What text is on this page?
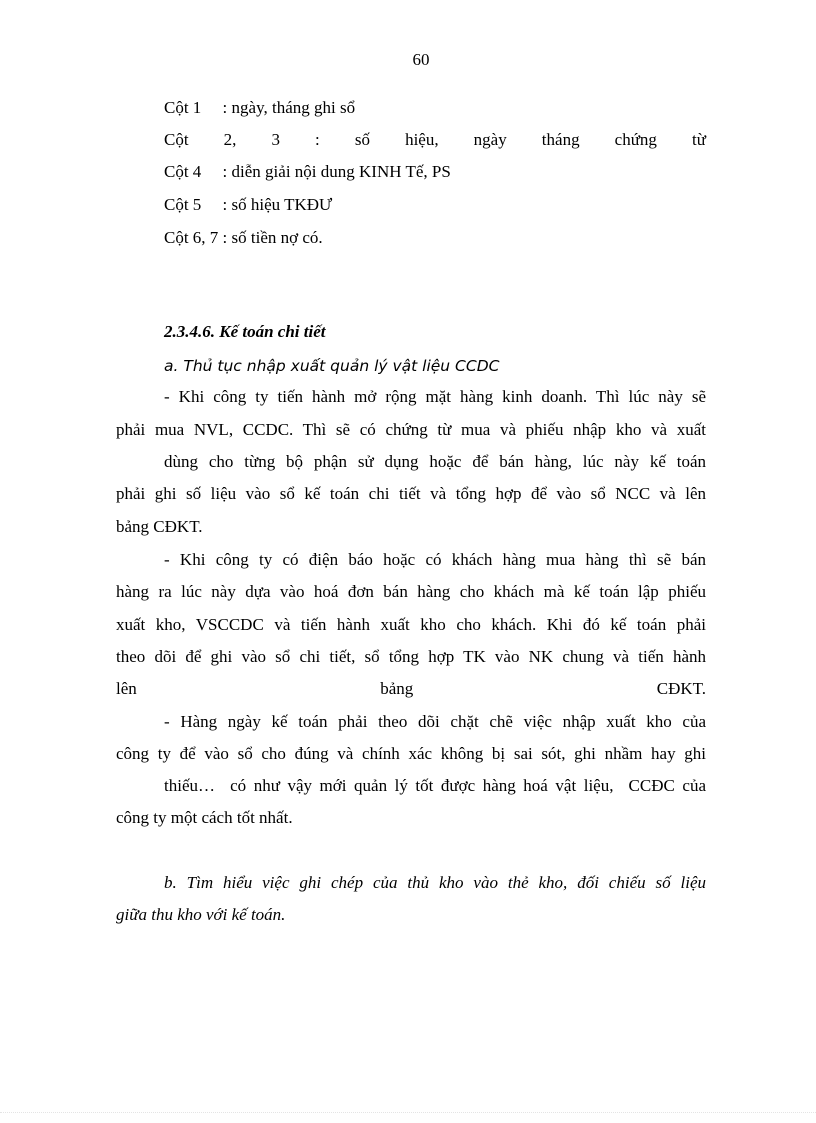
60
Cột 1     : ngày, tháng ghi sổ
Cột 2, 3 : số hiệu, ngày tháng chứng từ
Cột 4     : diễn giải nội dung KINH Tế, PS
Cột 5     : số hiệu TKĐƯ
Cột 6, 7 : số tiền nợ có.
2.3.4.6. Kế toán chi tiết
a. Thủ tục nhập xuất quản lý vật liệu CCDC
- Khi công ty tiến hành mở rộng mặt hàng kinh doanh. Thì lúc này sẽ
phải mua NVL, CCDC. Thì sẽ có chứng từ mua và phiếu nhập kho và xuất
dùng cho từng bộ phận sử dụng hoặc để bán hàng, lúc này kế toán
phải ghi số liệu vào sổ kế toán chi tiết và tổng hợp để vào sổ NCC và lên
bảng CĐKT.
- Khi công ty có điện báo hoặc có khách hàng mua hàng thì sẽ bán
hàng ra lúc này dựa vào hoá đơn bán hàng cho khách mà kế toán lập phiếu
xuất kho, VSCCDC và tiến hành xuất kho cho khách. Khi đó kế toán phải
theo dõi để ghi vào sổ chi tiết, sổ tổng hợp TK vào NK chung và tiến hành
lên	bảng	CĐKT.
- Hàng ngày kế toán phải theo dõi chặt chẽ việc nhập xuất kho của
công ty để vào sổ cho đúng và chính xác không bị sai sót, ghi nhầm hay ghi
thiếu…  có như vậy mới quản lý tốt được hàng hoá vật liệu,  CCĐC của
công ty một cách tốt nhất.
b. Tìm hiểu việc ghi chép của thủ kho vào thẻ kho, đối chiếu số liệu
giữa thu kho với kế toán.
